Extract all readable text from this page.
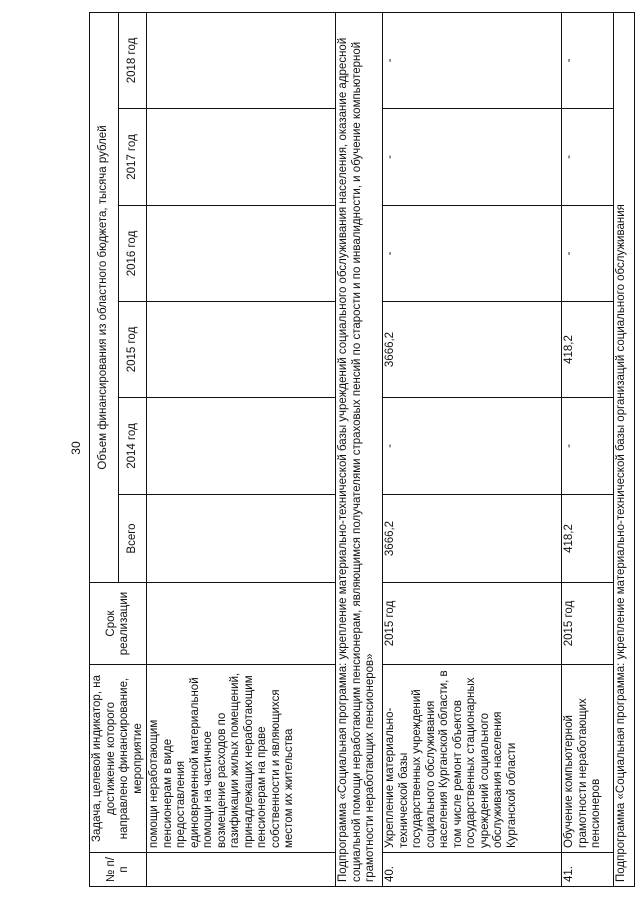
30
№ п/п	Задача, целевой индикатор, на достижение которого направлено финансирование, мероприятие	Срок реализации	Объем финансирования из областного бюджета, тысяча рублей					
			Всего	2014 год	2015 год	2016 год	2017 год	2018 год
	помощи неработающим пенсионерам в виде предоставления единовременной материальной помощи на частичное возмещение расходов по газификации жилых помещений, принадлежащих неработающим пенсионерам на праве собственности и являющихся местом их жительства							
Подпрограмма «Социальная программа: укрепление материально-технической базы учреждений социального обслуживания населения, оказание адресной социальной помощи неработающим пенсионерам, являющимся получателями страховых пенсий по старости и по инвалидности, и обучение компьютерной грамотности неработающих пенсионеров»								
40.	Укрепление материально-технической базы государственных учреждений социального обслуживания населения Курганской области, в том числе ремонт объектов государственных стационарных учреждений социального обслуживания населения Курганской области	2015 год	3666,2	-	3666,2	-	-	-
41.	Обучение компьютерной грамотности неработающих пенсионеров	2015 год	418,2	-	418,2	-	-	-
Подпрограмма «Социальная программа: укрепление материально-технической базы организаций социального обслуживания								
